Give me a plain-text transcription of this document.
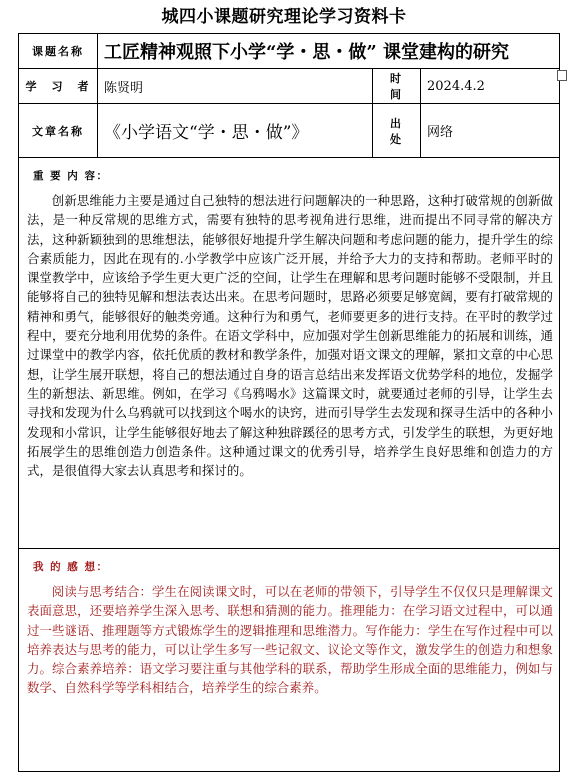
城四小课题研究理论学习资料卡
课题名称	工匠精神观照下小学“学・思・做” 课堂建构的研究		
学　习　者	陈贤明	时　间	2024.4.2
文章名称	《小学语文“学・思・做”》	出　处	网络

重 要 内 容：

创新思维能力主要是通过自己独特的想法进行问题解决的一种思路，这种打破常规的创新做法，是一种反常规的思维方式，需要有独特的思考视角进行思维，进而提出不同寻常的解决方法，这种新颖独到的思维想法，能够很好地提升学生解决问题和考虑问题的能力，提升学生的综合素质能力，因此在现有的.小学教学中应该广泛开展，并给予大力的支持和帮助。老师平时的课堂教学中，应该给予学生更大更广泛的空间，让学生在理解和思考问题时能够不受限制，并且能够将自己的独特见解和想法表达出来。在思考问题时，思路必须要足够宽阔，要有打破常规的精神和勇气，能够很好的触类旁通。这种行为和勇气，老师要更多的进行支持。在平时的教学过程中，要充分地利用优势的条件。在语文学科中，应加强对学生创新思维能力的拓展和训练，通过课堂中的教学内容，依托优质的教材和教学条件，加强对语文课文的理解，紧扣文章的中心思想，让学生展开联想，将自己的想法通过自身的语言总结出来发挥语文优势学科的地位，发掘学生的新想法、新思维。例如，在学习《乌鸦喝水》这篇课文时，就要通过老师的引导，让学生去寻找和发现为什么乌鸦就可以找到这个喝水的诀窍，进而引导学生去发现和探寻生活中的各种小发现和小常识，让学生能够很好地去了解这种独辟蹊径的思考方式，引发学生的联想，为更好地拓展学生的思维创造力创造条件。这种通过课文的优秀引导，培养学生良好思维和创造力的方式，是很值得大家去认真思考和探讨的。			

我 的 感 想：

阅读与思考结合：学生在阅读课文时，可以在老师的带领下，引导学生不仅仅只是理解课文表面意思，还要培养学生深入思考、联想和猜测的能力。推理能力：在学习语文过程中，可以通过一些谜语、推理题等方式锻炼学生的逻辑推理和思维潜力。写作能力：学生在写作过程中可以培养表达与思考的能力，可以让学生多写一些记叙文、议论文等作文，激发学生的创造力和想象力。综合素养培养：语文学习要注重与其他学科的联系，帮助学生形成全面的思维能力，例如与数学、自然科学等学科相结合，培养学生的综合素养。			
